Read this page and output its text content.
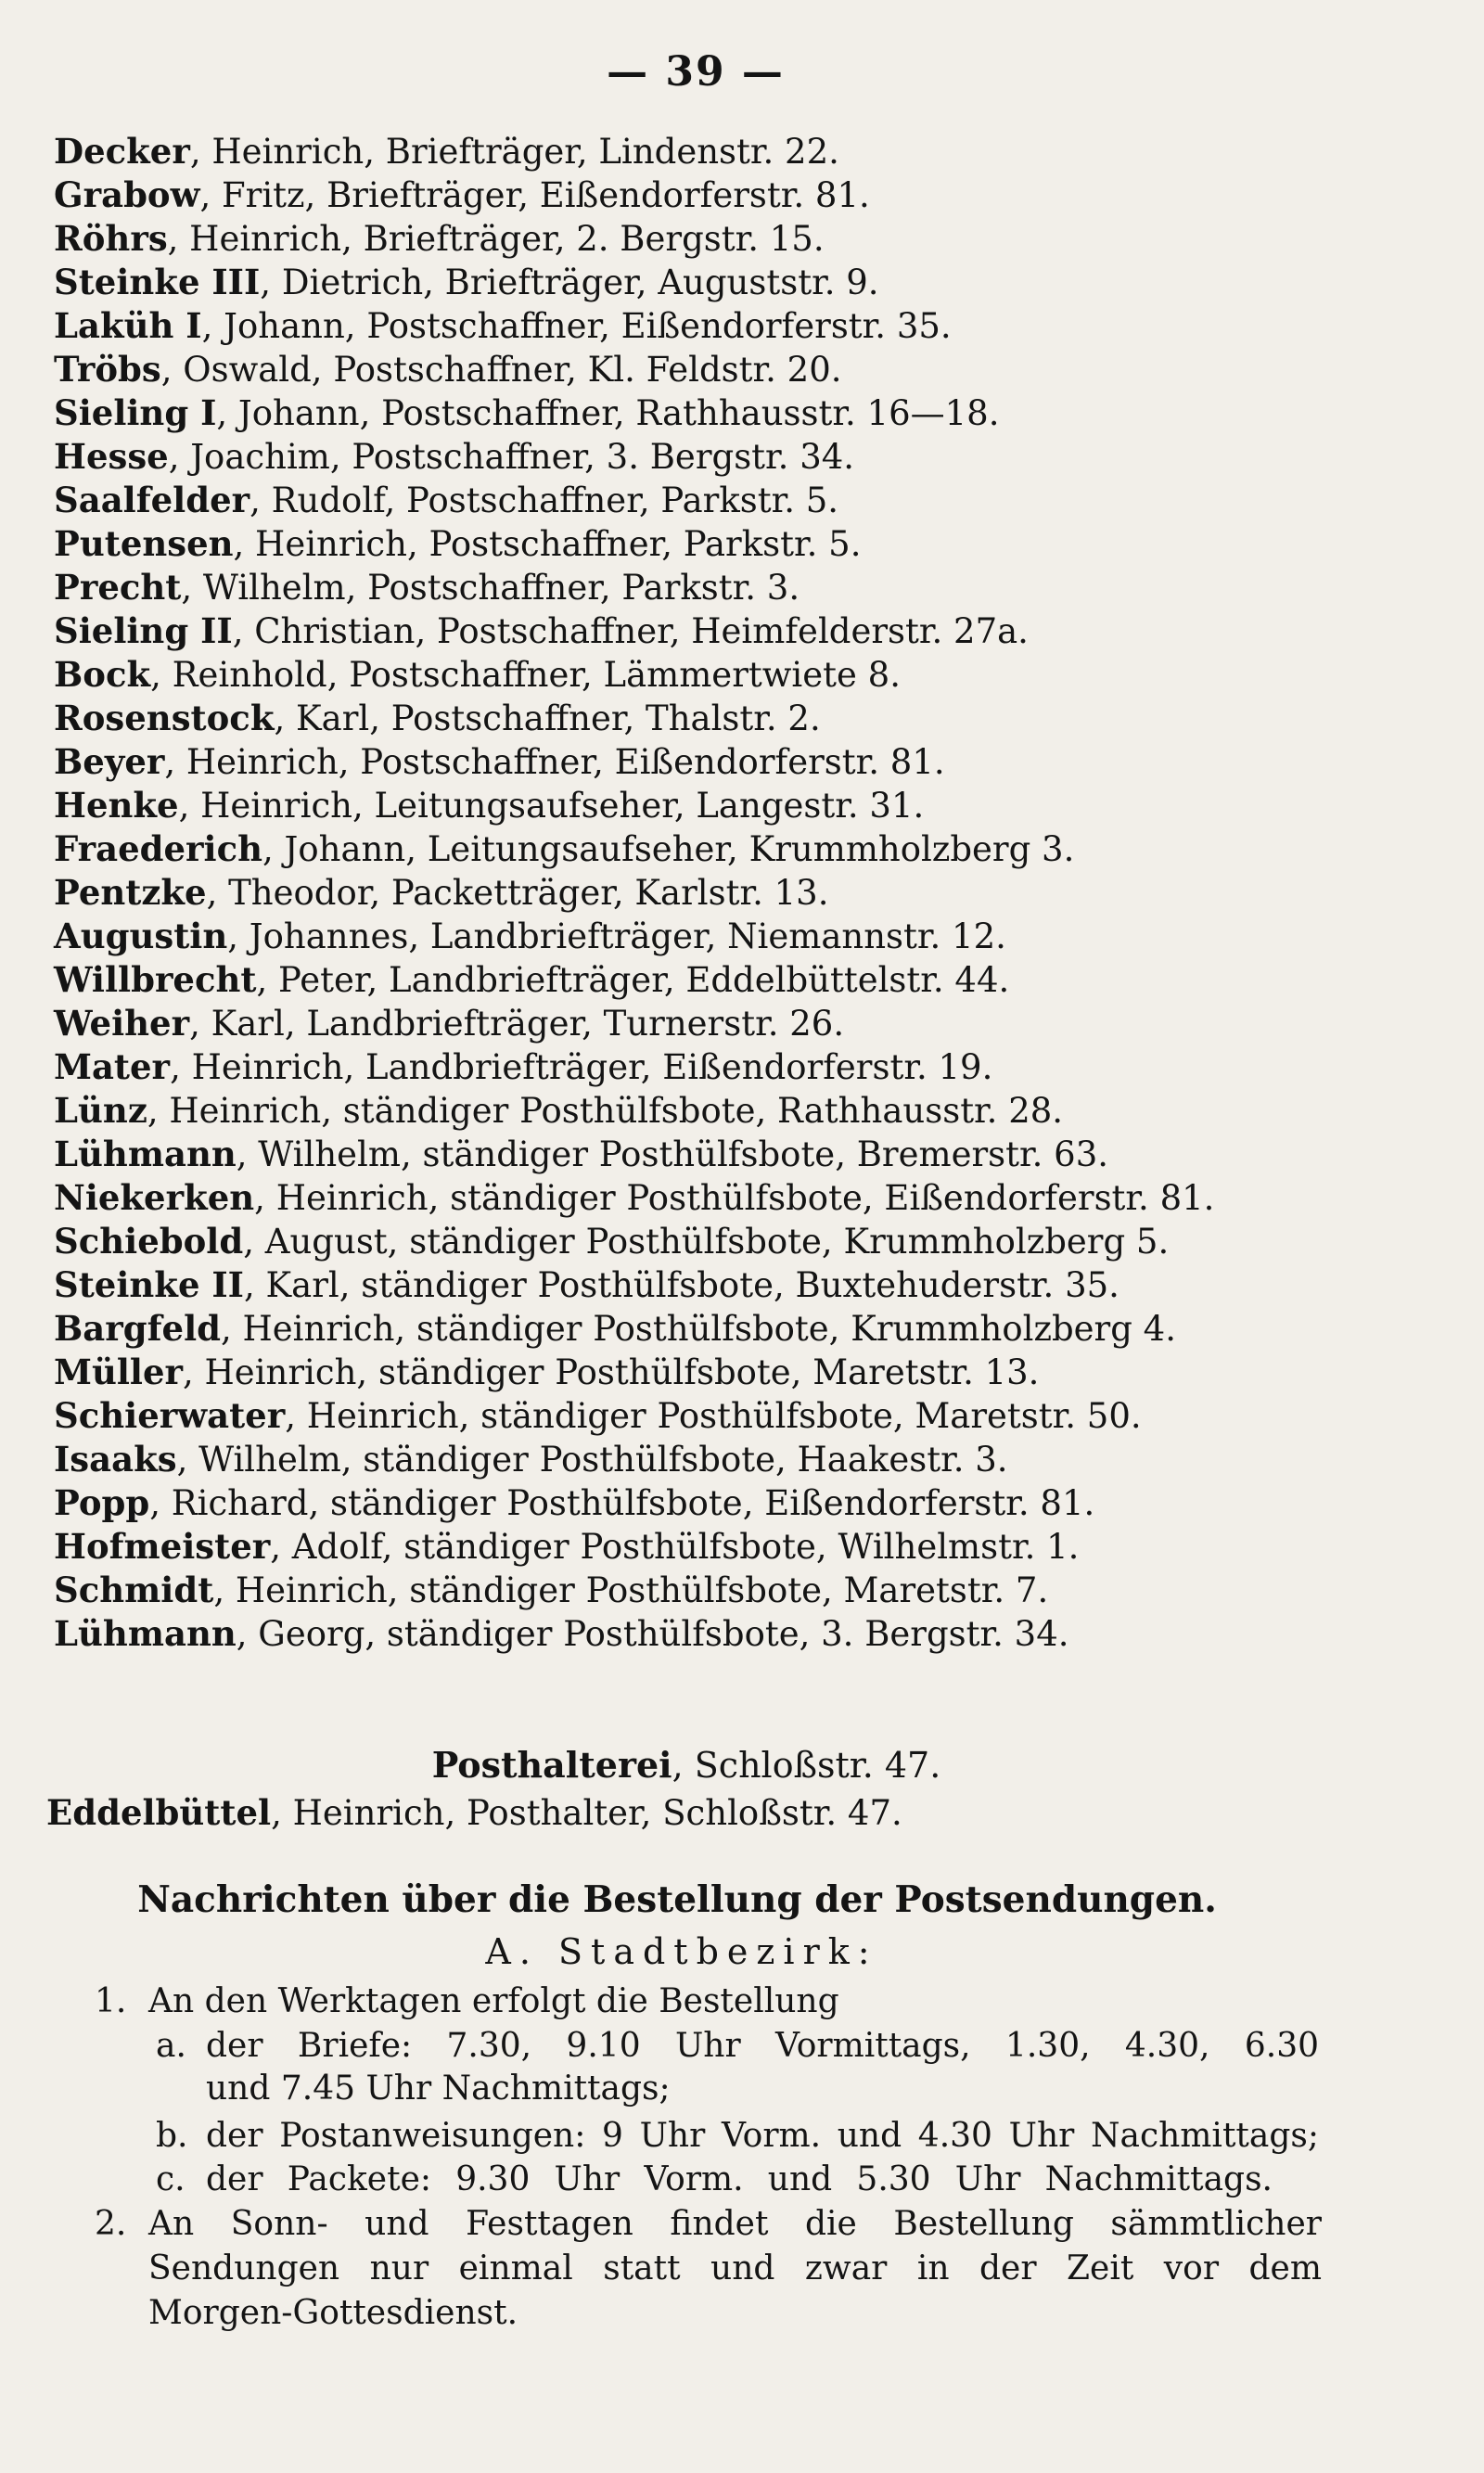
— 39 —
Decker, Heinrich, Briefträger, Lindenstr. 22.
Grabow, Fritz, Briefträger, Eißendorferstr. 81.
Röhrs, Heinrich, Briefträger, 2. Bergstr. 15.
Steinke III, Dietrich, Briefträger, Auguststr. 9.
Laküh I, Johann, Postschaffner, Eißendorferstr. 35.
Tröbs, Oswald, Postschaffner, Kl. Feldstr. 20.
Sieling I, Johann, Postschaffner, Rathhausstr. 16—18.
Hesse, Joachim, Postschaffner, 3. Bergstr. 34.
Saalfelder, Rudolf, Postschaffner, Parkstr. 5.
Putensen, Heinrich, Postschaffner, Parkstr. 5.
Precht, Wilhelm, Postschaffner, Parkstr. 3.
Sieling II, Christian, Postschaffner, Heimfelderstr. 27a.
Bock, Reinhold, Postschaffner, Lämmertwiete 8.
Rosenstock, Karl, Postschaffner, Thalstr. 2.
Beyer, Heinrich, Postschaffner, Eißendorferstr. 81.
Henke, Heinrich, Leitungsaufseher, Langestr. 31.
Fraederich, Johann, Leitungsaufseher, Krummholzberg 3.
Pentzke, Theodor, Packetträger, Karlstr. 13.
Augustin, Johannes, Landbriefträger, Niemannstr. 12.
Willbrecht, Peter, Landbriefträger, Eddelbüttelstr. 44.
Weiher, Karl, Landbriefträger, Turnerstr. 26.
Mater, Heinrich, Landbriefträger, Eißendorferstr. 19.
Lünz, Heinrich, ständiger Posthülfsbote, Rathhausstr. 28.
Lühmann, Wilhelm, ständiger Posthülfsbote, Bremerstr. 63.
Niekerken, Heinrich, ständiger Posthülfsbote, Eißendorferstr. 81.
Schiebold, August, ständiger Posthülfsbote, Krummholzberg 5.
Steinke II, Karl, ständiger Posthülfsbote, Buxtehuderstr. 35.
Bargfeld, Heinrich, ständiger Posthülfsbote, Krummholzberg 4.
Müller, Heinrich, ständiger Posthülfsbote, Maretstr. 13.
Schierwater, Heinrich, ständiger Posthülfsbote, Maretstr. 50.
Isaaks, Wilhelm, ständiger Posthülfsbote, Haakestr. 3.
Popp, Richard, ständiger Posthülfsbote, Eißendorferstr. 81.
Hofmeister, Adolf, ständiger Posthülfsbote, Wilhelmstr. 1.
Schmidt, Heinrich, ständiger Posthülfsbote, Maretstr. 7.
Lühmann, Georg, ständiger Posthülfsbote, 3. Bergstr. 34.
Posthalterei, Schloßstr. 47.
Eddelbüttel, Heinrich, Posthalter, Schloßstr. 47.
Nachrichten über die Bestellung der Postsendungen.
A. Stadtbezirk:
1. An den Werktagen erfolgt die Bestellung
a. der Briefe: 7.30, 9.10 Uhr Vormittags, 1.30, 4.30, 6.30
und 7.45 Uhr Nachmittags;
b. der Postanweisungen: 9 Uhr Vorm. und 4.30 Uhr Nachmittags;
c. der Packete: 9.30 Uhr Vorm. und 5.30 Uhr Nachmittags.
2. An Sonn- und Festtagen findet die Bestellung sämmtlicher
Sendungen nur einmal statt und zwar in der Zeit vor dem
Morgen-Gottesdienst.
